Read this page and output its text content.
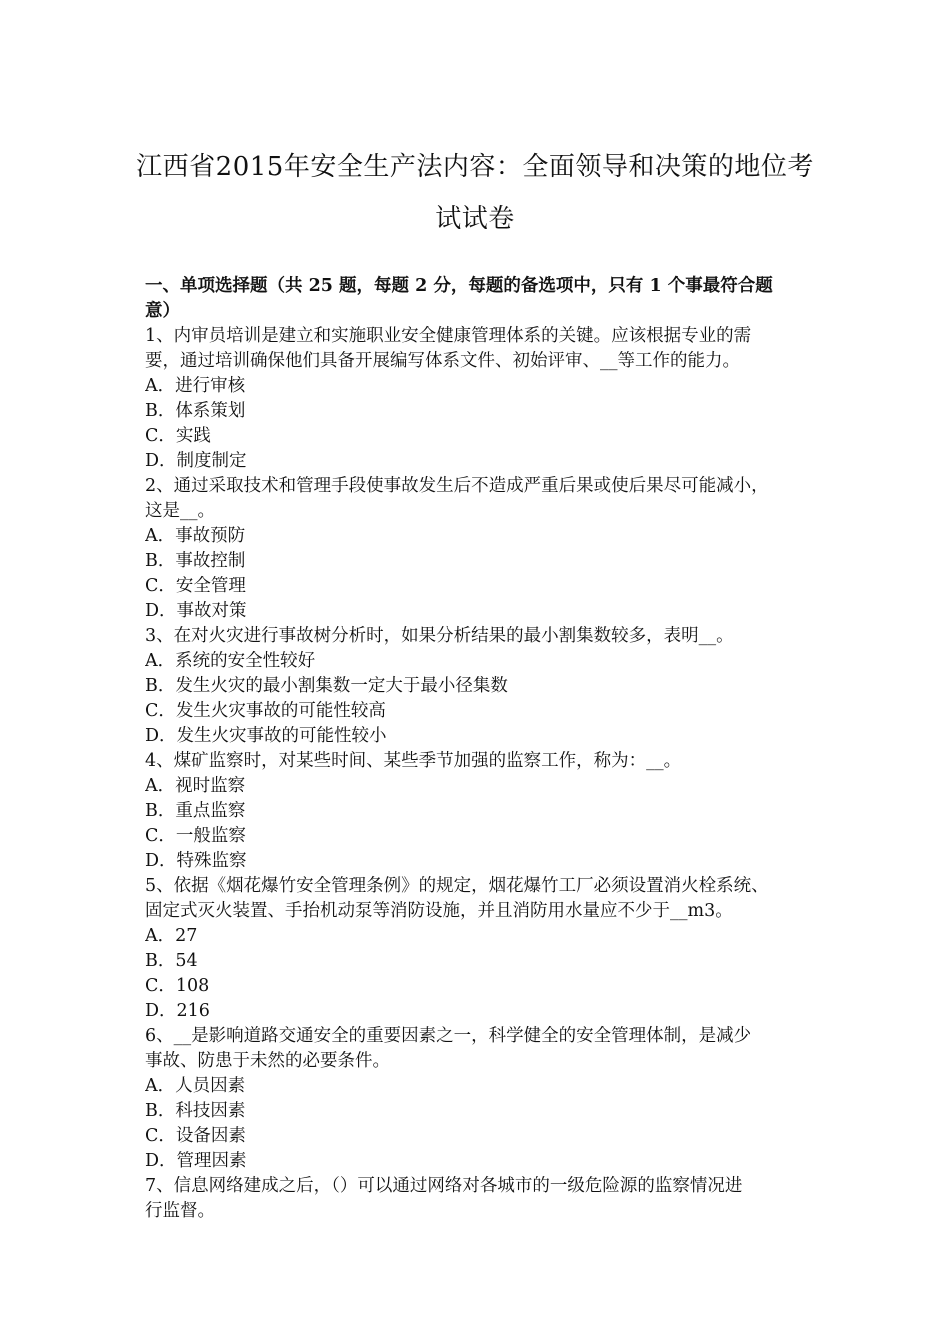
江西省2015年安全生产法内容：全面领导和决策的地位考
试试卷
一、单项选择题（共 25 题，每题 2 分，每题的备选项中，只有 1 个事最符合题
意）
1、内审员培训是建立和实施职业安全健康管理体系的关键。应该根据专业的需
要，通过培训确保他们具备开展编写体系文件、初始评审、__等工作的能力。
A．进行审核
B．体系策划
C．实践
D．制度制定
2、通过采取技术和管理手段使事故发生后不造成严重后果或使后果尽可能减小，
这是__。
A．事故预防
B．事故控制
C．安全管理
D．事故对策
3、在对火灾进行事故树分析时，如果分析结果的最小割集数较多，表明__。
A．系统的安全性较好
B．发生火灾的最小割集数一定大于最小径集数
C．发生火灾事故的可能性较高
D．发生火灾事故的可能性较小
4、煤矿监察时，对某些时间、某些季节加强的监察工作，称为：__。
A．视时监察
B．重点监察
C．一般监察
D．特殊监察
5、依据《烟花爆竹安全管理条例》的规定，烟花爆竹工厂必须设置消火栓系统、
固定式灭火装置、手抬机动泵等消防设施，并且消防用水量应不少于__m3。
A．27
B．54
C．108
D．216
6、__是影响道路交通安全的重要因素之一，科学健全的安全管理体制，是减少
事故、防患于未然的必要条件。
A．人员因素
B．科技因素
C．设备因素
D．管理因素
7、信息网络建成之后，（）可以通过网络对各城市的一级危险源的监察情况进
行监督。
